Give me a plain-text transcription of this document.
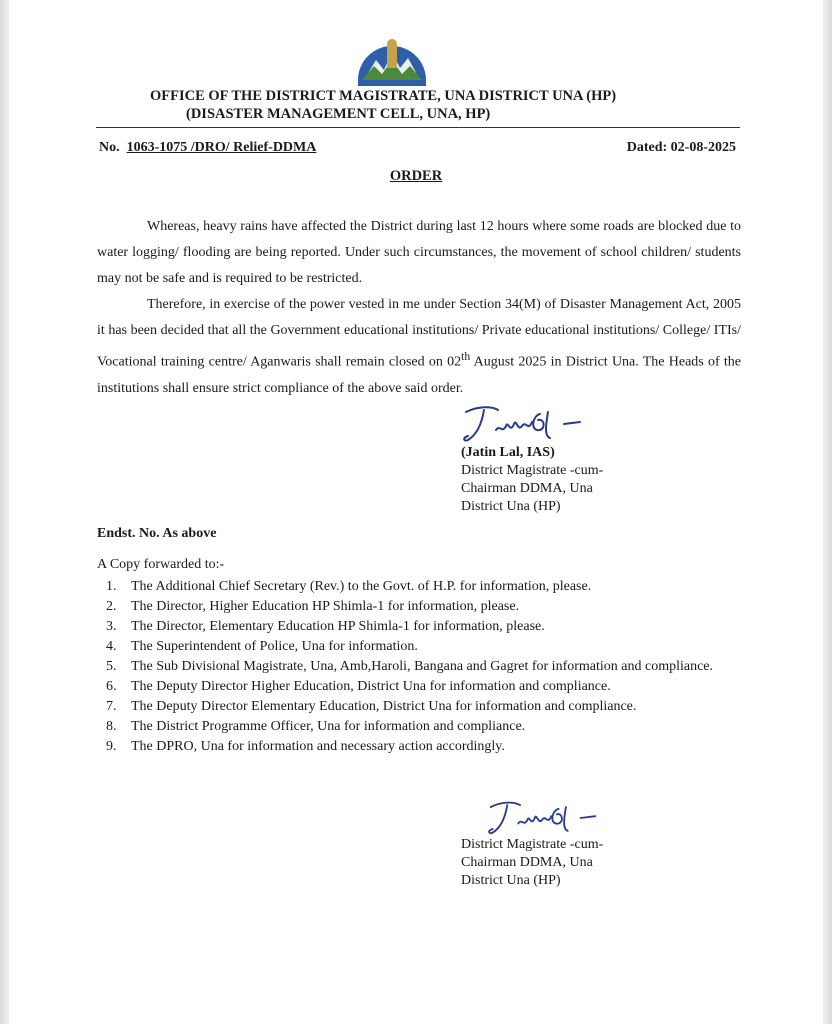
OFFICE OF THE DISTRICT MAGISTRATE, UNA DISTRICT UNA (HP)
(DISASTER MANAGEMENT CELL, UNA, HP)
No. 1063-1075 /DRO/ Relief-DDMA	Dated: 02-08-2025
ORDER

Whereas, heavy rains have affected the District during last 12 hours where some roads are blocked due to water logging/ flooding are being reported. Under such circumstances, the movement of school children/ students may not be safe and is required to be restricted.

Therefore, in exercise of the power vested in me under Section 34(M) of Disaster Management Act, 2005 it has been decided that all the Government educational institutions/ Private educational institutions/ College/ ITIs/ Vocational training centre/ Aganwaris shall remain closed on 02th August 2025 in District Una. The Heads of the institutions shall ensure strict compliance of the above said order.

(Jatin Lal, IAS)
District Magistrate -cum-
Chairman DDMA, Una
District Una (HP)
Endst. No. As above
A Copy forwarded to:-
1.	The Additional Chief Secretary (Rev.) to the Govt. of H.P. for information, please.
2.	The Director, Higher Education HP Shimla-1 for information, please.
3.	The Director, Elementary Education HP Shimla-1 for information, please.
4.	The Superintendent of Police, Una for information.
5.	The Sub Divisional Magistrate, Una, Amb,Haroli, Bangana and Gagret for information and compliance.
6.	The Deputy Director Higher Education, District Una for information and compliance.
7.	The Deputy Director Elementary Education, District Una for information and compliance.
8.	The District Programme Officer, Una for information and compliance.
9.	The DPRO, Una for information and necessary action accordingly.
District Magistrate -cum-
Chairman DDMA, Una
District Una (HP)
